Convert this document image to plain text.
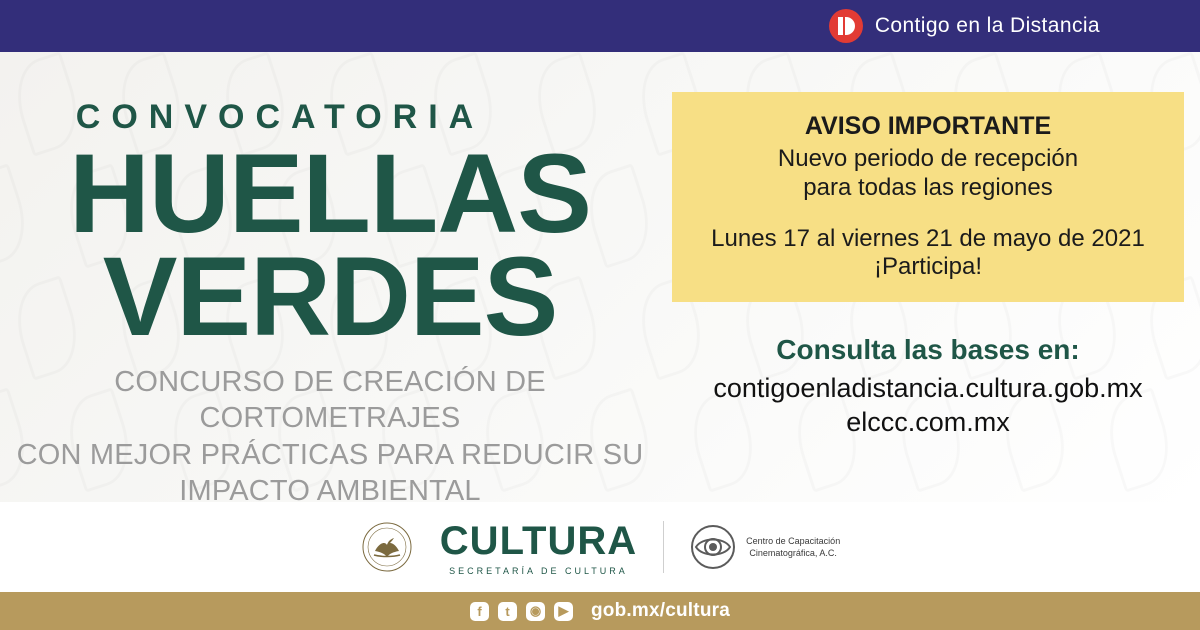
Contigo en la Distancia
CONVOCATORIA
HUELLAS
VERDES
CONCURSO DE CREACIÓN DE CORTOMETRAJES
CON MEJOR PRÁCTICAS PARA REDUCIR SU
IMPACTO AMBIENTAL
AVISO IMPORTANTE
Nuevo periodo de recepción
para todas las regiones
Lunes 17 al viernes 21 de mayo de 2021
¡Participa!
Consulta las bases en:
contigoenladistancia.cultura.gob.mx
elccc.com.mx
CULTURA
SECRETARÍA DE CULTURA
Centro de Capacitación
Cinematográfica, A.C.
f	t	◉	▶ gob.mx/cultura
